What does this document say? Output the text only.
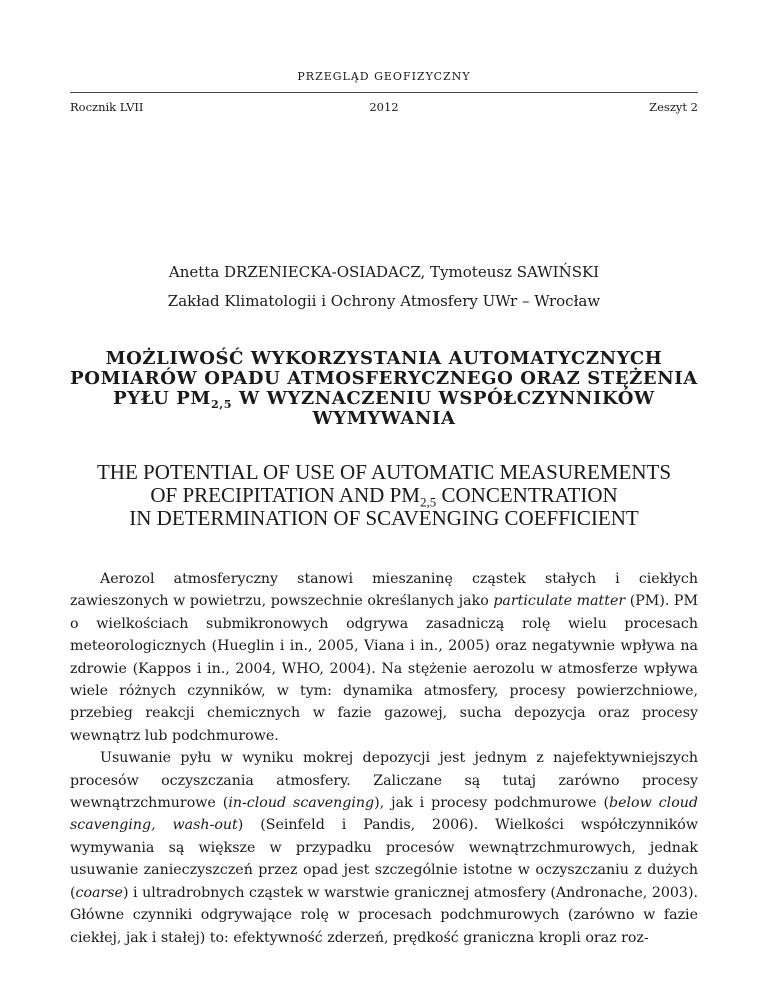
PRZEGLĄD GEOFIZYCZNY
Rocznik LVII	2012	Zeszyt 2
Anetta DRZENIECKA-OSIADACZ, Tymoteusz SAWIŃSKI
Zakład Klimatologii i Ochrony Atmosfery UWr – Wrocław
MOŻLIWOŚĆ WYKORZYSTANIA AUTOMATYCZNYCH
POMIARÓW OPADU ATMOSFERYCZNEGO ORAZ STĘŻENIA
PYŁU $PM_{2,5}$ W WYZNACZENIU WSPÓŁCZYNNIKÓW
WYMYWANIA
THE POTENTIAL OF USE OF AUTOMATIC MEASUREMENTS
OF PRECIPITATION AND $PM_{2,5}$ CONCENTRATION
IN DETERMINATION OF SCAVENGING COEFFICIENT

Aerozol atmosferyczny stanowi mieszaninę cząstek stałych i ciekłych zawieszonych w powietrzu, powszechnie określanych jako particulate matter (PM). PM o wielkościach submikronowych odgrywa zasadniczą rolę wielu procesach meteorologicznych (Hueglin i in., 2005, Viana i in., 2005) oraz negatywnie wpływa na zdrowie (Kappos i in., 2004, WHO, 2004). Na stężenie aerozolu w atmosferze wpływa wiele różnych czynników, w tym: dynamika atmosfery, procesy powierzchniowe, przebieg reakcji chemicznych w fazie gazowej, sucha depozycja oraz procesy wewnątrz lub podchmurowe.

Usuwanie pyłu w wyniku mokrej depozycji jest jednym z najefektywniejszych procesów oczyszczania atmosfery. Zaliczane są tutaj zarówno procesy wewnątrzchmurowe (in-cloud scavenging), jak i procesy podchmurowe (below cloud scavenging, wash-out) (Seinfeld i Pandis, 2006). Wielkości współczynników wymywania są większe w przypadku procesów wewnątrzchmurowych, jednak usuwanie zanieczyszczeń przez opad jest szczególnie istotne w oczyszczaniu z dużych (coarse) i ultradrobnych cząstek w warstwie granicznej atmosfery (Andronache, 2003). Główne czynniki odgrywające rolę w procesach podchmurowych (zarówno w fazie ciekłej, jak i stałej) to: efektywność zderzeń, prędkość graniczna kropli oraz roz-
